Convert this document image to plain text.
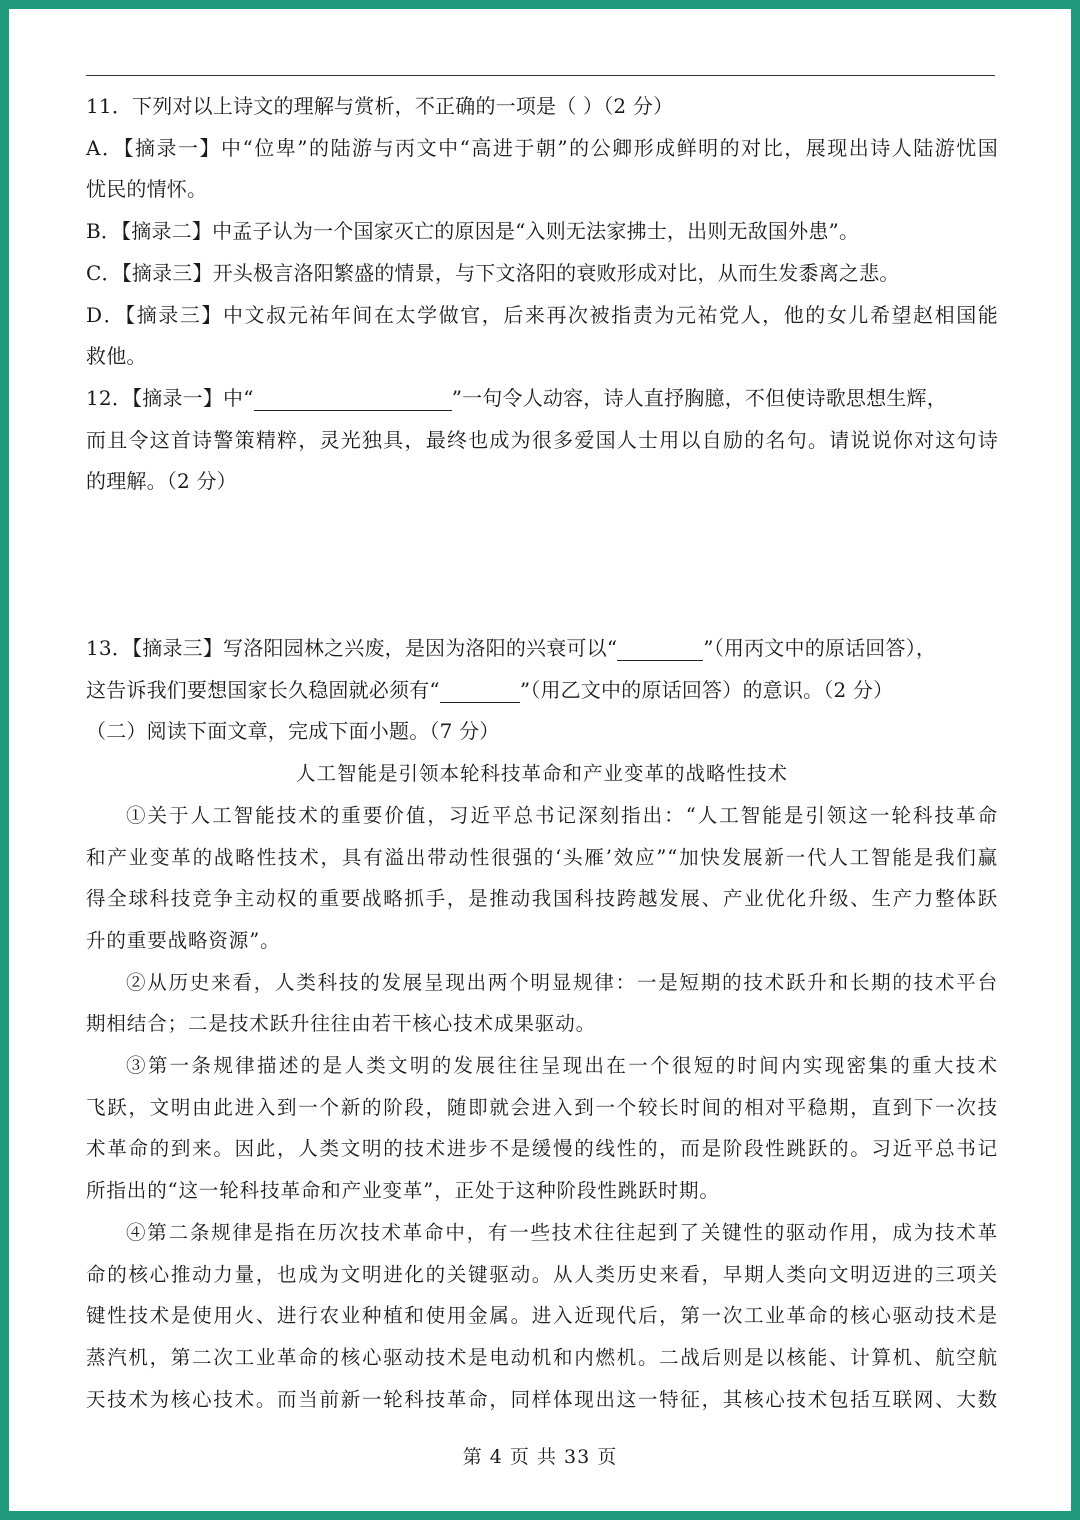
11．下列对以上诗文的理解与赏析，不正确的一项是（ ）（2 分）
A．【摘录一】中“位卑”的陆游与丙文中“高进于朝”的公卿形成鲜明的对比，展现出诗人陆游忧国
忧民的情怀。
B．【摘录二】中孟子认为一个国家灭亡的原因是“入则无法家拂士，出则无敌国外患”。
C．【摘录三】开头极言洛阳繁盛的情景，与下文洛阳的衰败形成对比，从而生发黍离之悲。
D．【摘录三】中文叔元祐年间在太学做官，后来再次被指责为元祐党人，他的女儿希望赵相国能
救他。
12．【摘录一】中“	”一句令人动容，诗人直抒胸臆，不但使诗歌思想生辉，
而且令这首诗警策精粹，灵光独具，最终也成为很多爱国人士用以自励的名句。请说说你对这句诗
的理解。（2 分）
13．【摘录三】写洛阳园林之兴废，是因为洛阳的兴衰可以“	”（用丙文中的原话回答），
这告诉我们要想国家长久稳固就必须有“	”（用乙文中的原话回答）的意识。（2 分）
（二）阅读下面文章，完成下面小题。（7 分）
人工智能是引领本轮科技革命和产业变革的战略性技术
①关于人工智能技术的重要价值，习近平总书记深刻指出：“人工智能是引领这一轮科技革命
和产业变革的战略性技术，具有溢出带动性很强的‘头雁’效应”“加快发展新一代人工智能是我们赢
得全球科技竞争主动权的重要战略抓手，是推动我国科技跨越发展、产业优化升级、生产力整体跃
升的重要战略资源”。
②从历史来看，人类科技的发展呈现出两个明显规律：一是短期的技术跃升和长期的技术平台
期相结合；二是技术跃升往往由若干核心技术成果驱动。
③第一条规律描述的是人类文明的发展往往呈现出在一个很短的时间内实现密集的重大技术
飞跃，文明由此进入到一个新的阶段，随即就会进入到一个较长时间的相对平稳期，直到下一次技
术革命的到来。因此，人类文明的技术进步不是缓慢的线性的，而是阶段性跳跃的。习近平总书记
所指出的“这一轮科技革命和产业变革”，正处于这种阶段性跳跃时期。
④第二条规律是指在历次技术革命中，有一些技术往往起到了关键性的驱动作用，成为技术革
命的核心推动力量，也成为文明进化的关键驱动。从人类历史来看，早期人类向文明迈进的三项关
键性技术是使用火、进行农业种植和使用金属。进入近现代后，第一次工业革命的核心驱动技术是
蒸汽机，第二次工业革命的核心驱动技术是电动机和内燃机。二战后则是以核能、计算机、航空航
天技术为核心技术。而当前新一轮科技革命，同样体现出这一特征，其核心技术包括互联网、大数
第 4 页 共 33 页
